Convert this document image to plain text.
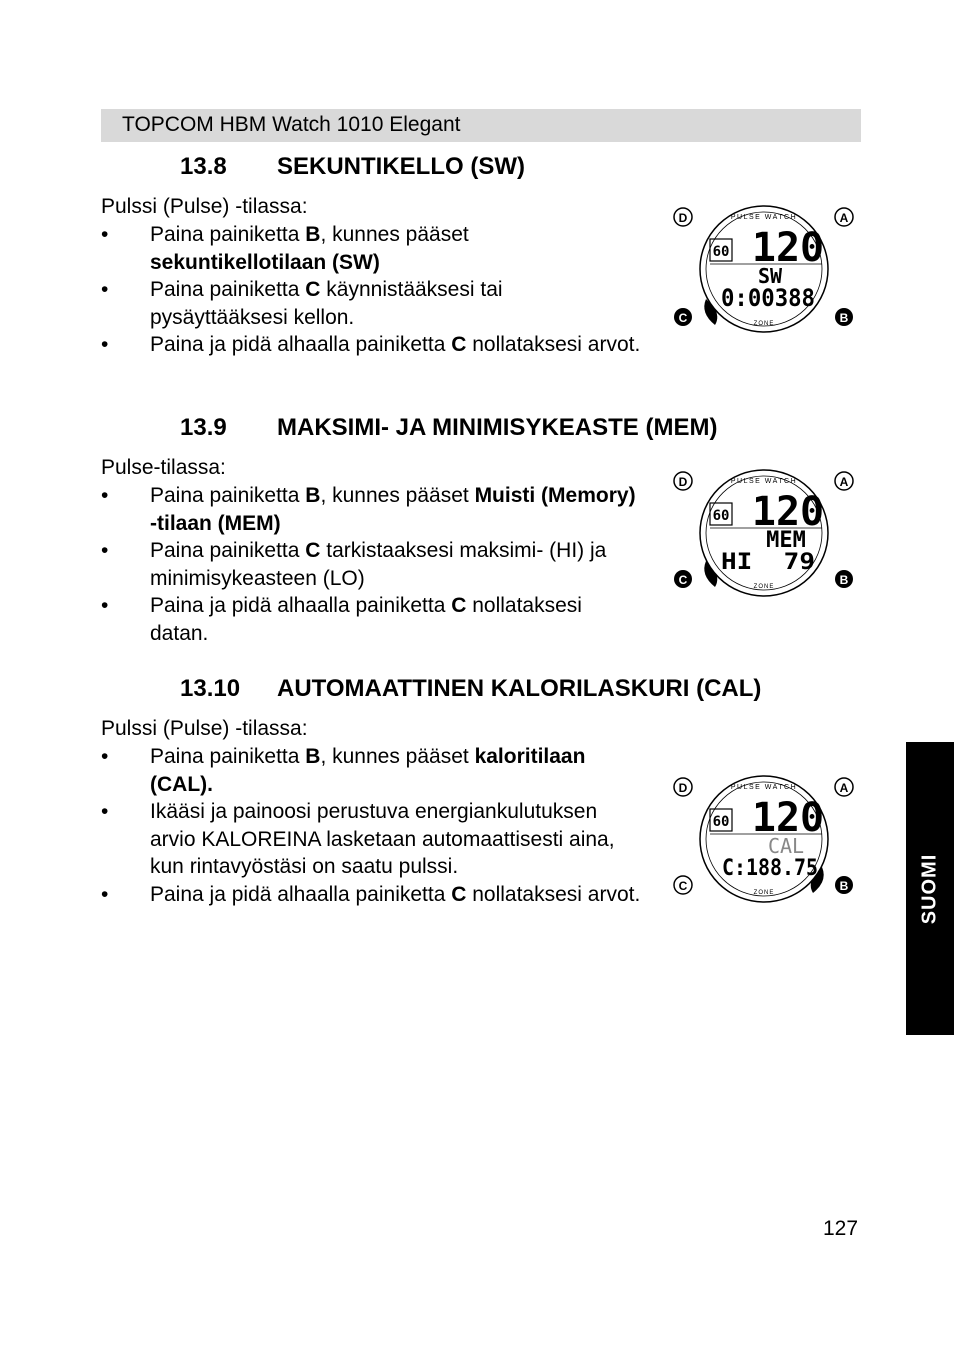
TOPCOM HBM Watch 1010 Elegant
13.8 SEKUNTIKELLO (SW)
Pulssi (Pulse) -tilassa:
• Paina painiketta B, kunnes pääset sekuntikellotilaan (SW)
• Paina painiketta C käynnistääksesi tai pysäyttääksesi kellon.
• Paina ja pidä alhaalla painiketta C nollataksesi arvot.
D	A
C	B
PULSE WATCH
60 120
SW
0:00388
ZONE
13.9 MAKSIMI- JA MINIMISYKEASTE (MEM)
Pulse-tilassa:
• Paina painiketta B, kunnes pääset Muisti (Memory) -tilaan (MEM)
• Paina painiketta C tarkistaaksesi maksimi- (HI) ja minimisykeasteen (LO)
• Paina ja pidä alhaalla painiketta C nollataksesi datan.
D	A
C	B
PULSE WATCH
60 120
MEM
HI  79
ZONE
13.10 AUTOMAATTINEN KALORILASKURI (CAL)
Pulssi (Pulse) -tilassa:
• Paina painiketta B, kunnes pääset kaloritilaan (CAL).
• Ikääsi ja painoosi perustuva energiankulutuksen arvio KALOREINA lasketaan automaattisesti aina, kun rintavyöstäsi on saatu pulssi.
• Paina ja pidä alhaalla painiketta C nollataksesi arvot.
D	A
C	B
PULSE WATCH
60 120
CAL
C:188.75
ZONE	SUOMI
127
